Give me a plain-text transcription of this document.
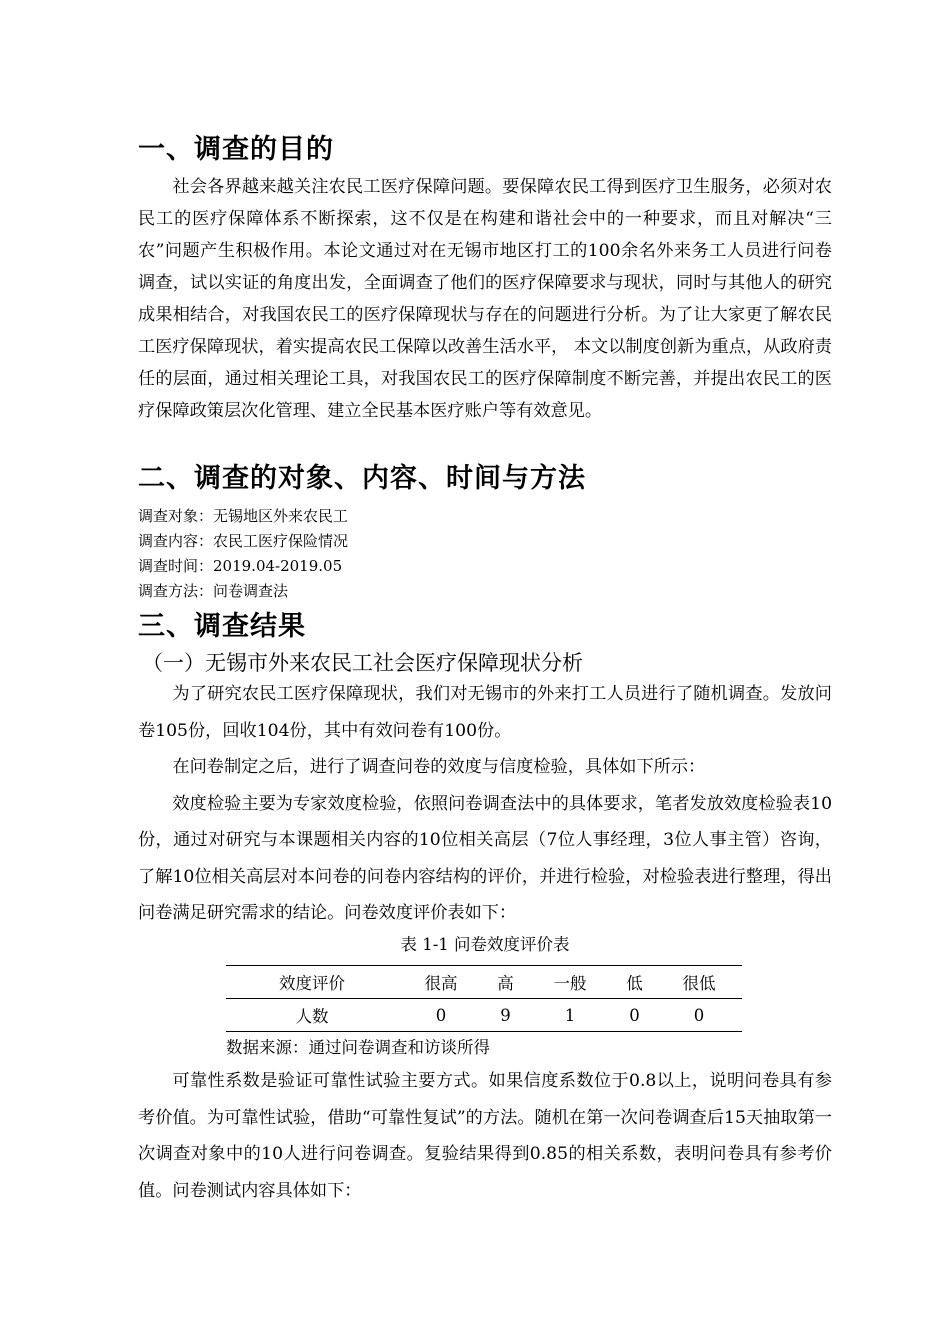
一、调查的目的

社会各界越来越关注农民工医疗保障问题。要保障农民工得到医疗卫生服务，必须对农民工的医疗保障体系不断探索，这不仅是在构建和谐社会中的一种要求，而且对解决“三农”问题产生积极作用。本论文通过对在无锡市地区打工的100余名外来务工人员进行问卷调查，试以实证的角度出发，全面调查了他们的医疗保障要求与现状，同时与其他人的研究成果相结合，对我国农民工的医疗保障现状与存在的问题进行分析。为了让大家更了解农民工医疗保障现状，着实提高农民工保障以改善生活水平， 本文以制度创新为重点，从政府责任的层面，通过相关理论工具，对我国农民工的医疗保障制度不断完善，并提出农民工的医疗保障政策层次化管理、建立全民基本医疗账户等有效意见。

二、调查的对象、内容、时间与方法
调查对象：无锡地区外来农民工
调查内容：农民工医疗保险情况
调查时间：2019.04-2019.05
调查方法：问卷调查法
三、调查结果
（一）无锡市外来农民工社会医疗保障现状分析

为了研究农民工医疗保障现状，我们对无锡市的外来打工人员进行了随机调查。发放问卷105份，回收104份，其中有效问卷有100份。

在问卷制定之后，进行了调查问卷的效度与信度检验，具体如下所示：

效度检验主要为专家效度检验，依照问卷调查法中的具体要求，笔者发放效度检验表10份，通过对研究与本课题相关内容的10位相关高层（7位人事经理，3位人事主管）咨询，了解10位相关高层对本问卷的问卷内容结构的评价，并进行检验，对检验表进行整理，得出问卷满足研究需求的结论。问卷效度评价表如下：

表 1-1 问卷效度评价表
效度评价	很高	高	一般	低	很低
人数	0	9	1	0	0
数据来源：通过问卷调查和访谈所得

可靠性系数是验证可靠性试验主要方式。如果信度系数位于0.8以上，说明问卷具有参考价值。为可靠性试验，借助“可靠性复试”的方法。随机在第一次问卷调查后15天抽取第一次调查对象中的10人进行问卷调查。复验结果得到0.85的相关系数，表明问卷具有参考价值。问卷测试内容具体如下：
